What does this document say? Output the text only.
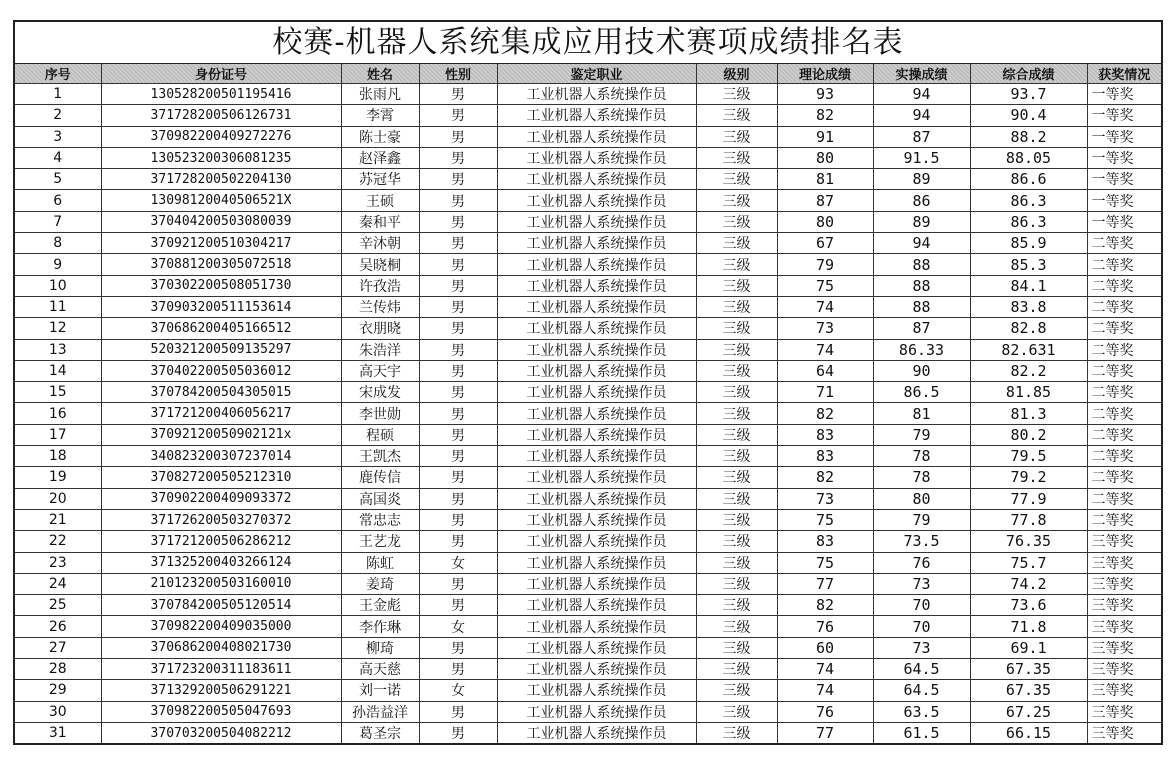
校赛-机器人系统集成应用技术赛项成绩排名表
序号	身份证号	姓名	性别	鉴定职业	级别	理论成绩	实操成绩	综合成绩	获奖情况
1	130528200501195416	张雨凡	男	工业机器人系统操作员	三级	93	94	93.7	一等奖
2	371728200506126731	李霄	男	工业机器人系统操作员	三级	82	94	90.4	一等奖
3	370982200409272276	陈士豪	男	工业机器人系统操作员	三级	91	87	88.2	一等奖
4	130523200306081235	赵泽鑫	男	工业机器人系统操作员	三级	80	91.5	88.05	一等奖
5	371728200502204130	苏冠华	男	工业机器人系统操作员	三级	81	89	86.6	一等奖
6	130981200405065​21X	王硕	男	工业机器人系统操作员	三级	87	86	86.3	一等奖
7	370404200503080039	秦和平	男	工业机器人系统操作员	三级	80	89	86.3	一等奖
8	370921200510304217	辛沐朝	男	工业机器人系统操作员	三级	67	94	85.9	二等奖
9	370881200305072518	吴晓桐	男	工业机器人系统操作员	三级	79	88	85.3	二等奖
10	370302200508051730	许孜浩	男	工业机器人系统操作员	三级	75	88	84.1	二等奖
11	370903200511153614	兰传炜	男	工业机器人系统操作员	三级	74	88	83.8	二等奖
12	370686200405166512	衣朋晓	男	工业机器人系统操作员	三级	73	87	82.8	二等奖
13	520321200509135297	朱浩洋	男	工业机器人系统操作员	三级	74	86.33	82.631	二等奖
14	370402200505036012	高天宇	男	工业机器人系统操作员	三级	64	90	82.2	二等奖
15	370784200504305015	宋成发	男	工业机器人系统操作员	三级	71	86.5	81.85	二等奖
16	371721200406056217	李世勋	男	工业机器人系统操作员	三级	82	81	81.3	二等奖
17	370921200509021​21x	程硕	男	工业机器人系统操作员	三级	83	79	80.2	二等奖
18	340823200307237014	王凯杰	男	工业机器人系统操作员	三级	83	78	79.5	二等奖
19	370827200505212310	鹿传信	男	工业机器人系统操作员	三级	82	78	79.2	二等奖
20	370902200409093372	高国炎	男	工业机器人系统操作员	三级	73	80	77.9	二等奖
21	371726200503270372	常忠志	男	工业机器人系统操作员	三级	75	79	77.8	二等奖
22	371721200506286212	王艺龙	男	工业机器人系统操作员	三级	83	73.5	76.35	三等奖
23	371325200403266124	陈虹	女	工业机器人系统操作员	三级	75	76	75.7	三等奖
24	210123200503160010	姜琦	男	工业机器人系统操作员	三级	77	73	74.2	三等奖
25	370784200505120514	王金彪	男	工业机器人系统操作员	三级	82	70	73.6	三等奖
26	370982200409035000	李作琳	女	工业机器人系统操作员	三级	76	70	71.8	三等奖
27	370686200408021730	柳琦	男	工业机器人系统操作员	三级	60	73	69.1	三等奖
28	371723200311183611	高天慈	男	工业机器人系统操作员	三级	74	64.5	67.35	三等奖
29	371329200506291221	刘一诺	女	工业机器人系统操作员	三级	74	64.5	67.35	三等奖
30	370982200505047693	孙浩益洋	男	工业机器人系统操作员	三级	76	63.5	67.25	三等奖
31	370703200504082212	葛圣宗	男	工业机器人系统操作员	三级	77	61.5	66.15	三等奖
